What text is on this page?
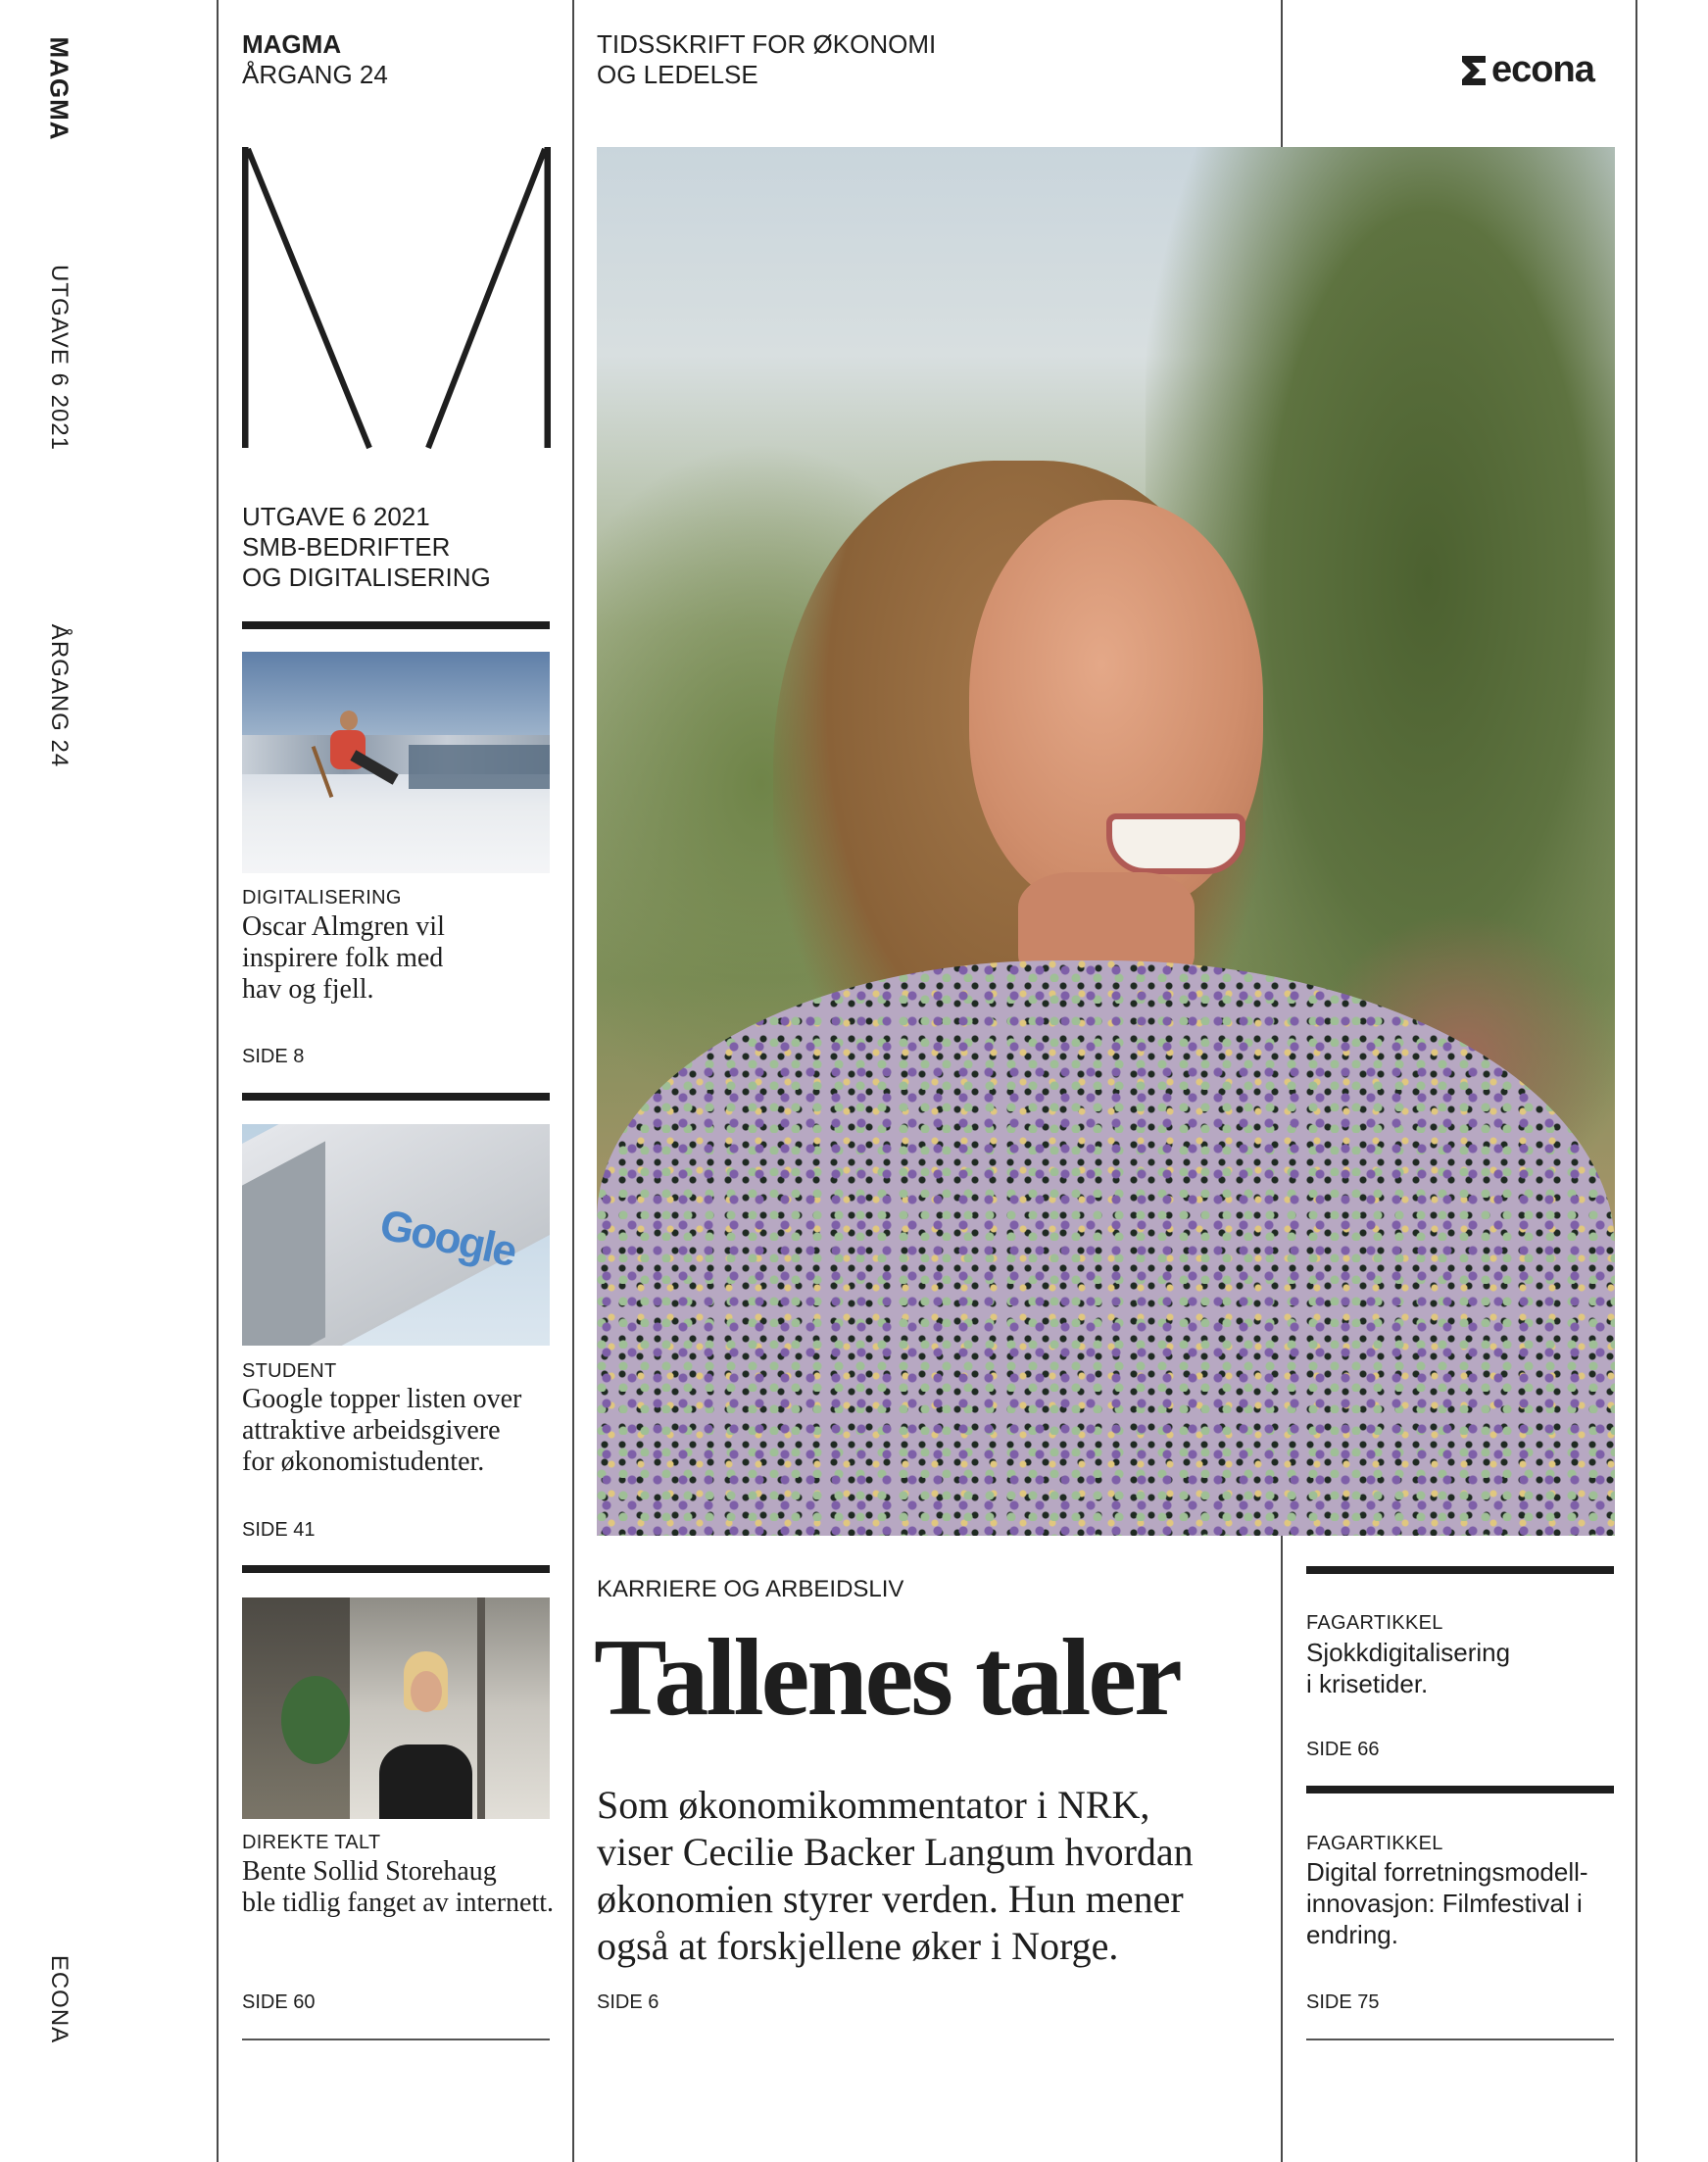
MAGMA
UTGAVE 6 2021
ÅRGANG 24
ECONA
MAGMA
ÅRGANG 24
TIDSSKRIFT FOR ØKONOMI
OG LEDELSE	econa
UTGAVE 6 2021
SMB-BEDRIFTER
OG DIGITALISERING
DIGITALISERING
Oscar Almgren vil
inspirere folk med
hav og fjell.
SIDE 8
Google
STUDENT
Google topper listen over
attraktive arbeidsgivere
for økonomistudenter.
SIDE 41
DIREKTE TALT
Bente Sollid Storehaug
ble tidlig fanget av internett.
SIDE 60
KARRIERE OG ARBEIDSLIV
Tallenes taler
Som økonomikommentator i NRK,
viser Cecilie Backer Langum hvordan
økonomien styrer verden. Hun mener
også at forskjellene øker i Norge.
SIDE 6
FAGARTIKKEL
Sjokkdigitalisering
i krisetider.
SIDE 66
FAGARTIKKEL
Digital forretningsmodell-
innovasjon: Filmfestival i
endring.
SIDE 75
